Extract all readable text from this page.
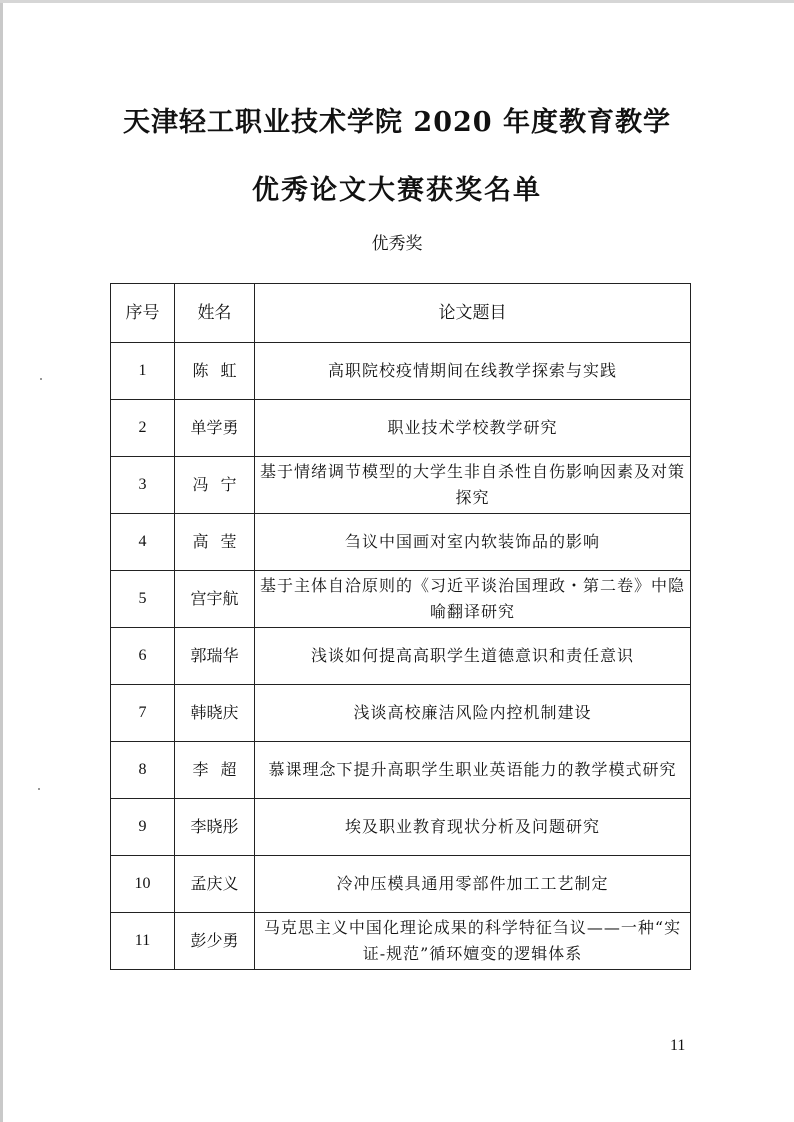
天津轻工职业技术学院 2020 年度教育教学
优秀论文大赛获奖名单
优秀奖
序号	姓名	论文题目
1	陈虹	高职院校疫情期间在线教学探索与实践
2	单学勇	职业技术学校教学研究
3	冯宁	基于情绪调节模型的大学生非自杀性自伤影响因素及对策探究
4	高莹	刍议中国画对室内软装饰品的影响
5	宫宇航	基于主体自洽原则的《习近平谈治国理政・第二卷》中隐喻翻译研究
6	郭瑞华	浅谈如何提高高职学生道德意识和责任意识
7	韩晓庆	浅谈高校廉洁风险内控机制建设
8	李超	慕课理念下提升高职学生职业英语能力的教学模式研究
9	李晓彤	埃及职业教育现状分析及问题研究
10	孟庆义	冷冲压模具通用零部件加工工艺制定
11	彭少勇	马克思主义中国化理论成果的科学特征刍议——一种“实证-规范”循环嬗变的逻辑体系
11
